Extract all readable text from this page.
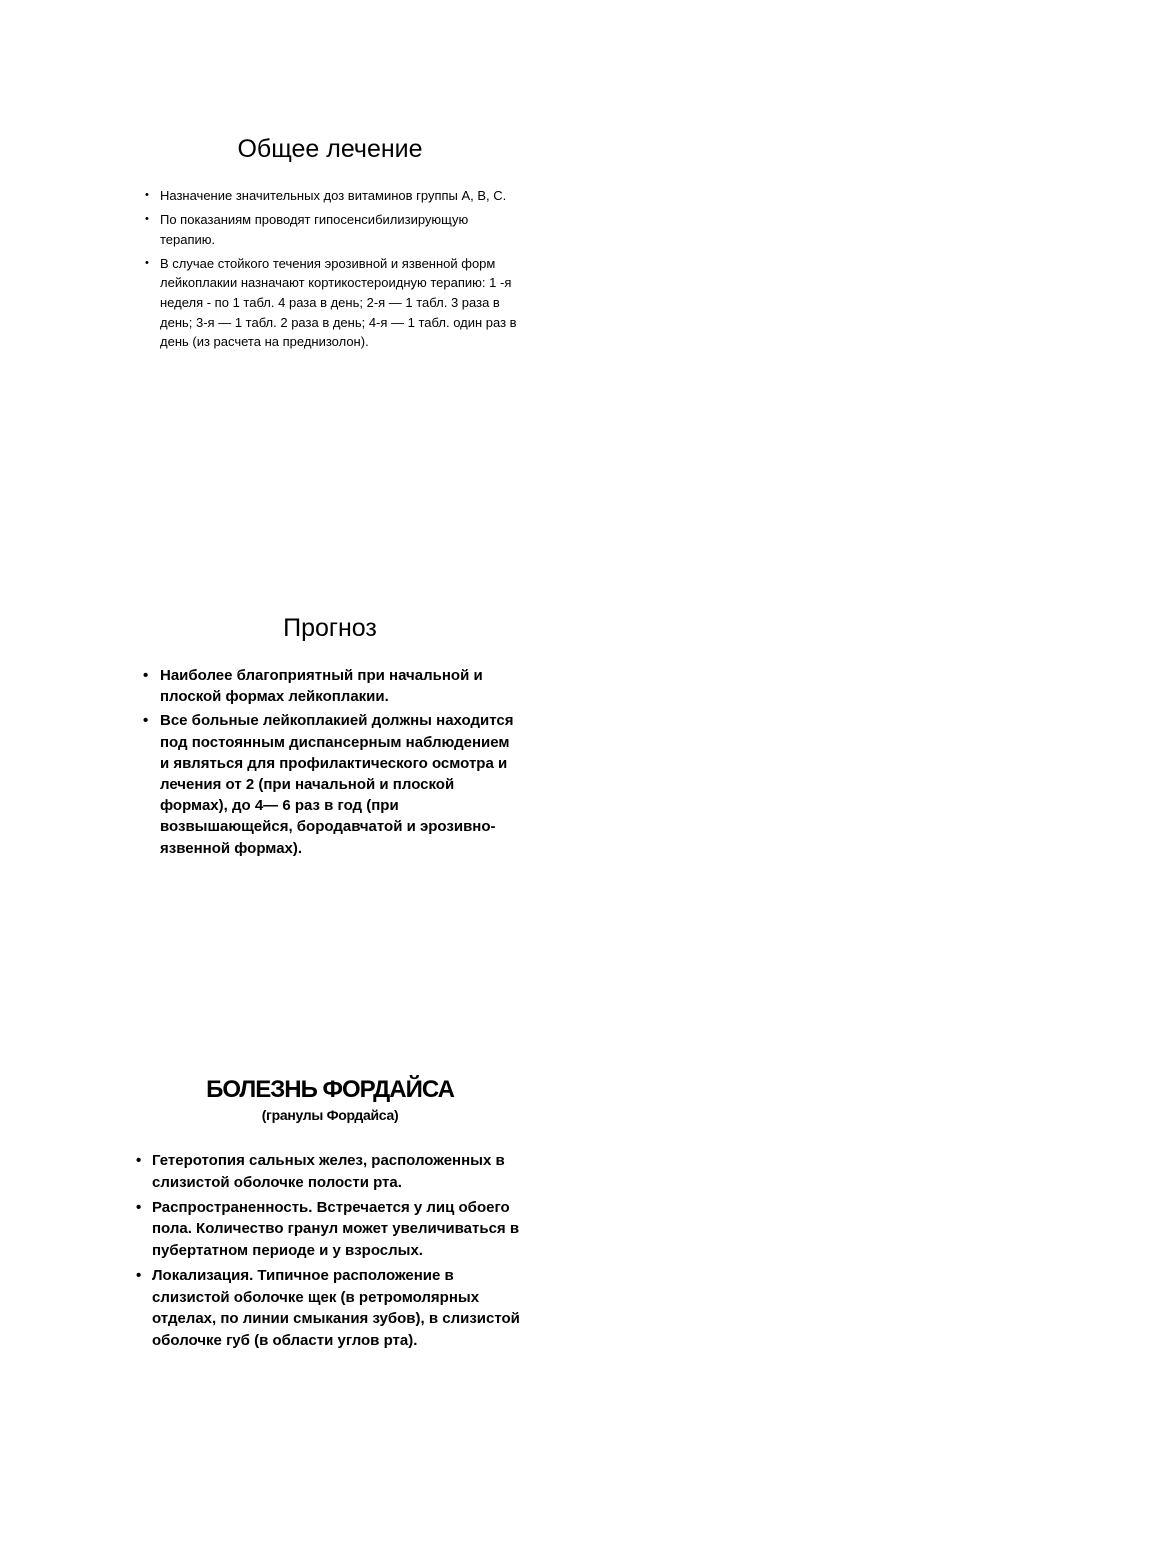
Общее лечение
• Назначение значительных доз витаминов группы А, В, С.
• По показаниям проводят гипосенсибилизирующую терапию.
• В случае стойкого течения эрозивной и язвенной форм лейкоплакии назначают кортикостероидную терапию: 1 -я неделя - по 1 табл. 4 раза в день; 2-я — 1 табл. 3 раза в день; 3-я — 1 табл. 2 раза в день; 4-я — 1 табл. один раз в день (из расчета на преднизолон).
Прогноз
• Наиболее благоприятный при начальной и плоской формах лейкоплакии.
• Все больные лейкоплакией должны находится под постоянным диспансерным наблюдением и являться для профилактического осмотра и лечения от 2 (при начальной и плоской формах), до 4— 6 раз в год (при возвышающейся, бородавчатой и эрозивно-язвенной формах).
БОЛЕЗНЬ ФОРДАЙСА

(гранулы Фордайса)

• Гетеротопия сальных желез, расположенных в слизистой оболочке полости рта.
• Распространенность. Встречается у лиц обоего пола. Количество гранул может увеличиваться в пубертатном периоде и у взрослых.
• Локализация. Типичное расположение в слизистой оболочке щек (в ретромолярных отделах, по линии смыкания зубов), в слизистой оболочке губ (в области углов рта).
